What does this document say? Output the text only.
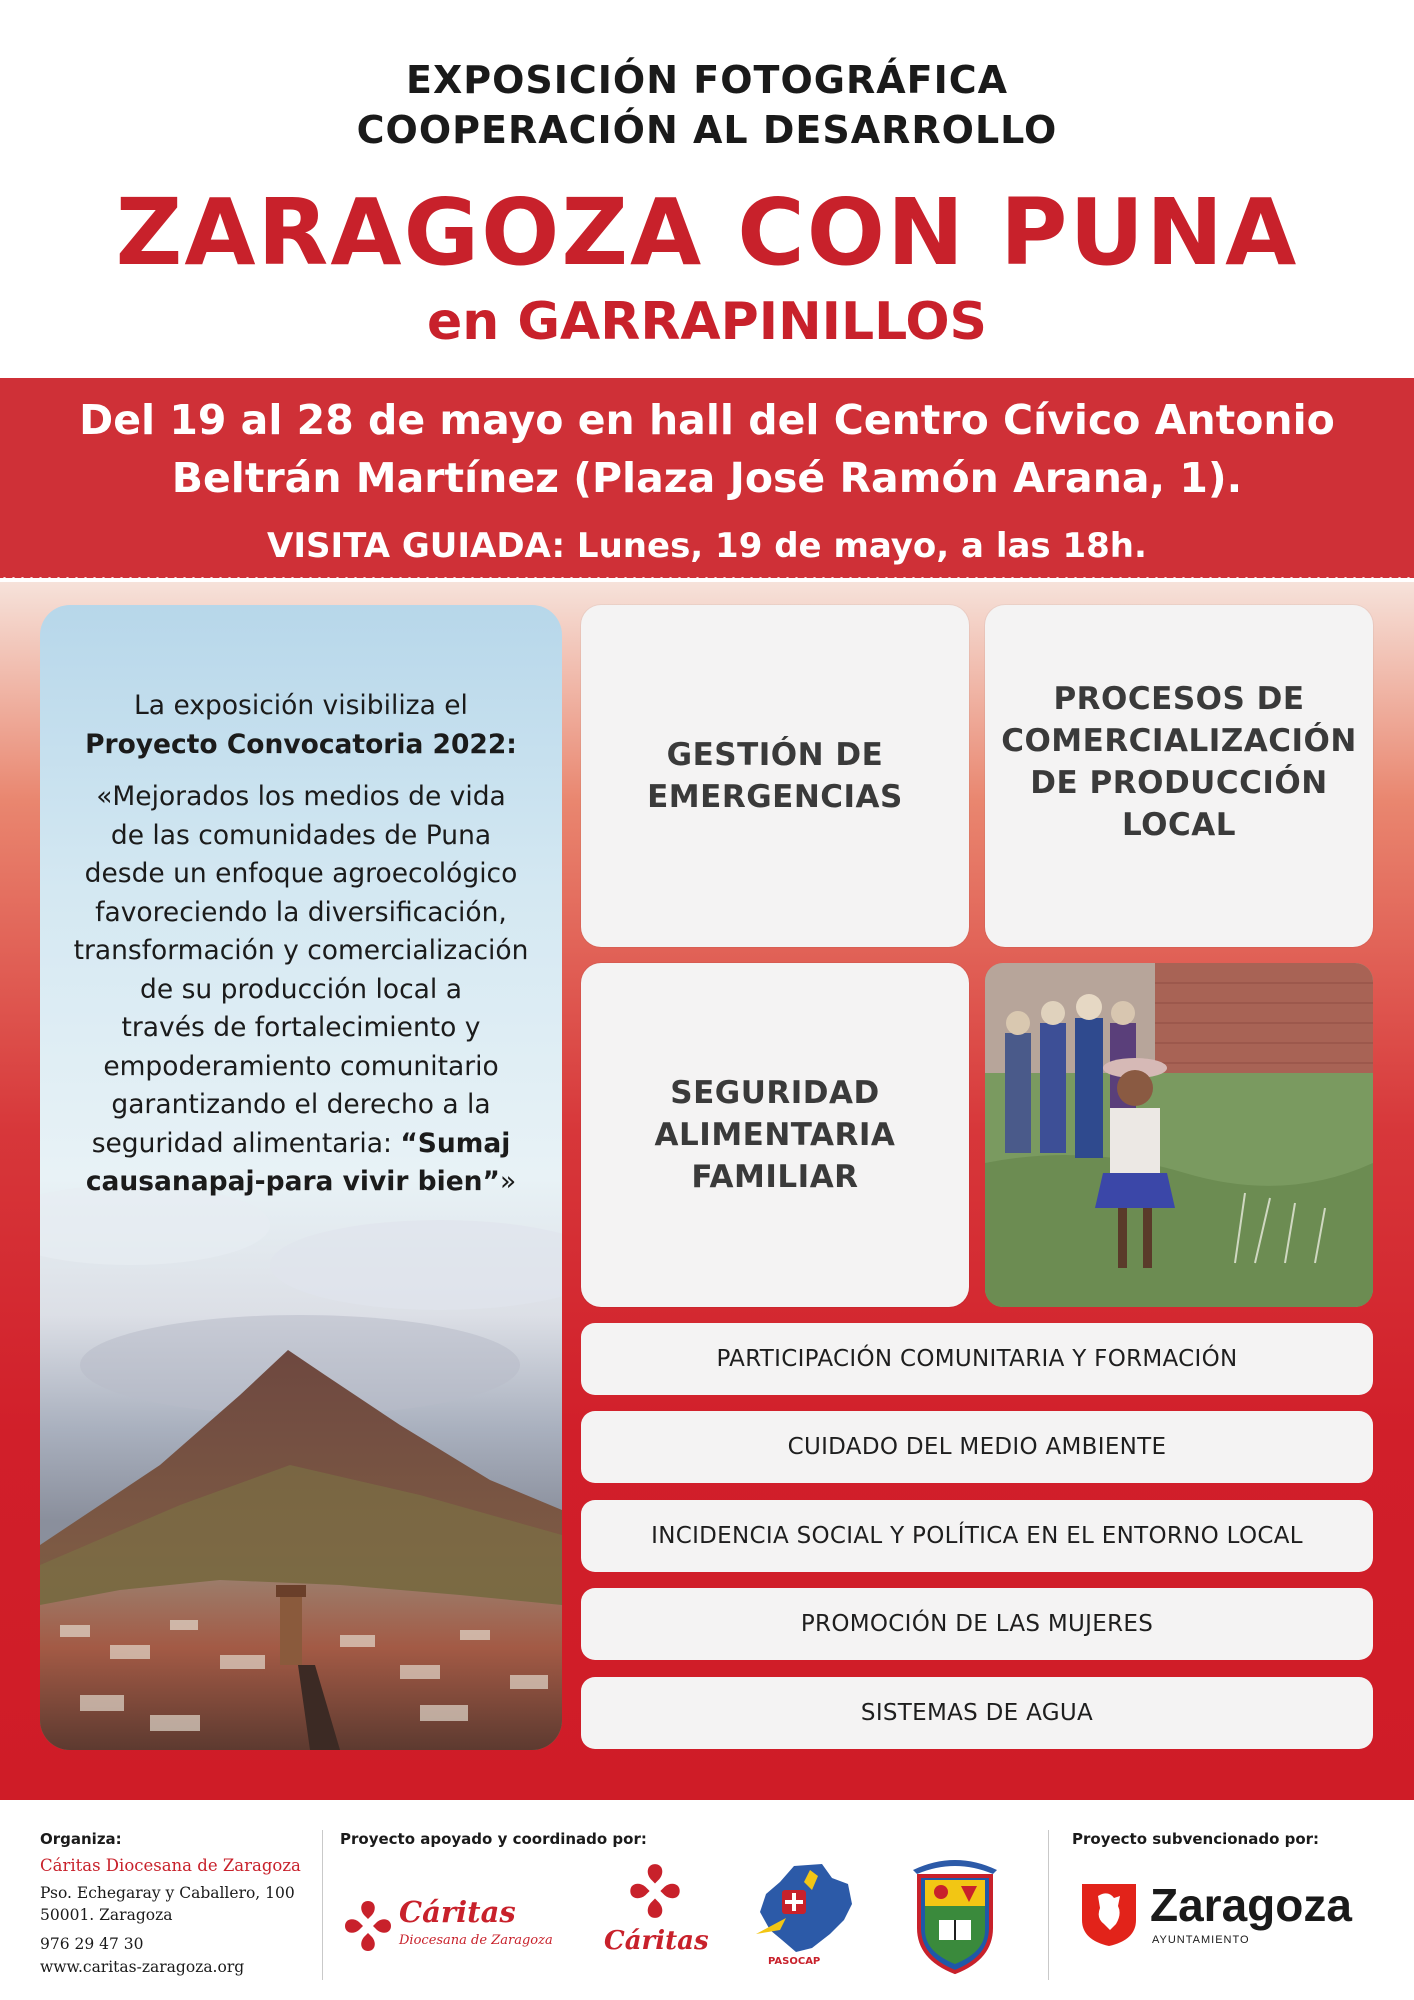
EXPOSICIÓN FOTOGRÁFICA
COOPERACIÓN AL DESARROLLO
ZARAGOZA CON PUNA
en GARRAPINILLOS
Del 19 al 28 de mayo en hall del Centro Cívico Antonio
Beltrán Martínez (Plaza José Ramón Arana, 1).
VISITA GUIADA: Lunes, 19 de mayo, a las 18h.
La exposición visibiliza el
Proyecto Convocatoria 2022:
«Mejorados los medios de vida
de las comunidades de Puna
desde un enfoque agroecológico
favoreciendo la diversificación,
transformación y comercialización
de su producción local a
través de fortalecimiento y
empoderamiento comunitario
garantizando el derecho a la
seguridad alimentaria: “Sumaj
causanapaj-para vivir bien”»
GESTIÓN DE
EMERGENCIAS
PROCESOS DE
COMERCIALIZACIÓN
DE PRODUCCIÓN
LOCAL
SEGURIDAD
ALIMENTARIA
FAMILIAR
PARTICIPACIÓN COMUNITARIA Y FORMACIÓN
CUIDADO DEL MEDIO AMBIENTE
INCIDENCIA SOCIAL Y POLÍTICA EN EL ENTORNO LOCAL
PROMOCIÓN DE LAS MUJERES
SISTEMAS DE AGUA
Organiza:
Cáritas Diocesana de Zaragoza
Pso. Echegaray y Caballero, 100
50001. Zaragoza
976 29 47 30
www.caritas-zaragoza.org
Proyecto apoyado y coordinado por:
Cáritas
Diocesana de Zaragoza Cáritas
PASOCAP
Proyecto subvencionado por:
Zaragoza
AYUNTAMIENTO
